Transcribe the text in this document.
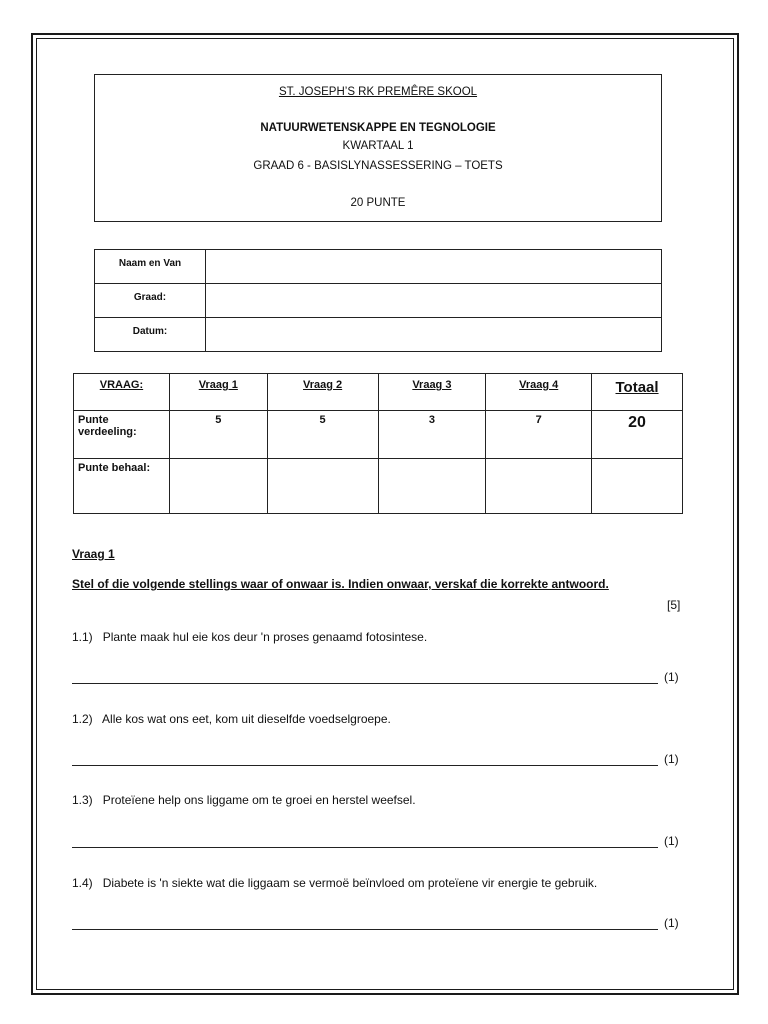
ST. JOSEPH’S RK PREMÊRE SKOOL
NATUURWETENSKAPPE EN TEGNOLOGIE
KWARTAAL 1
GRAAD 6 - BASISLYNASSESSERING – TOETS
20 PUNTE
Naam en Van	
Graad:	
Datum:	
VRAAG:	Vraag 1	Vraag 2	Vraag 3	Vraag 4	Totaal

Punte
verdeeling:	5	5	3	7	20
Punte behaal:					
Vraag 1
Stel of die volgende stellings waar of onwaar is. Indien onwaar, verskaf die korrekte antwoord.
[5]
1.1) Plante maak hul eie kos deur 'n proses genaamd fotosintese.
(1)
1.2) Alle kos wat ons eet, kom uit dieselfde voedselgroepe.
(1)
1.3) Proteïene help ons liggame om te groei en herstel weefsel.
(1)
1.4) Diabete is 'n siekte wat die liggaam se vermoë beïnvloed om proteïene vir energie te gebruik.
(1)
